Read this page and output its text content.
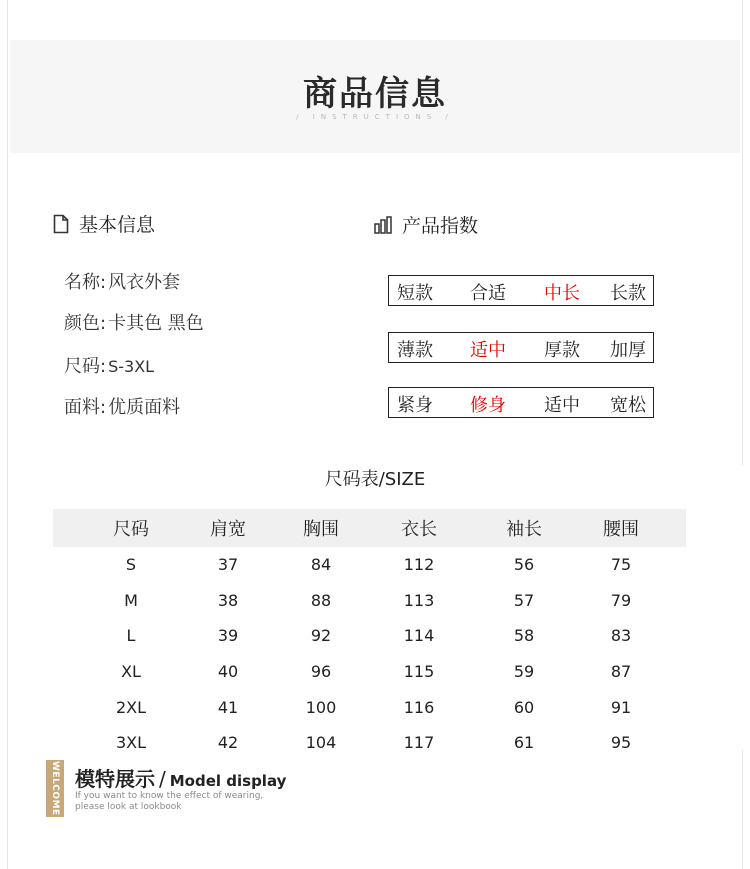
商品信息
/ INSTRUCTIONS /
基本信息
名称: 风衣外套
颜色: 卡其色 黑色
尺码: S-3XL
面料: 优质面料
产品指数
短款 合适 中长 长款
薄款 适中 厚款 加厚
紧身 修身 适中 宽松
尺码表/SIZE
尺码	肩宽	胸围	衣长	袖长	腰围
S	37	84	112	56	75
M	38	88	113	57	79
L	39	92	114	58	83
XL	40	96	115	59	87
2XL	41	100	116	60	91
3XL	42	104	117	61	95
WELCOME 模特展示 / Model display
If you want to know the effect of wearing,
please look at lookbook
